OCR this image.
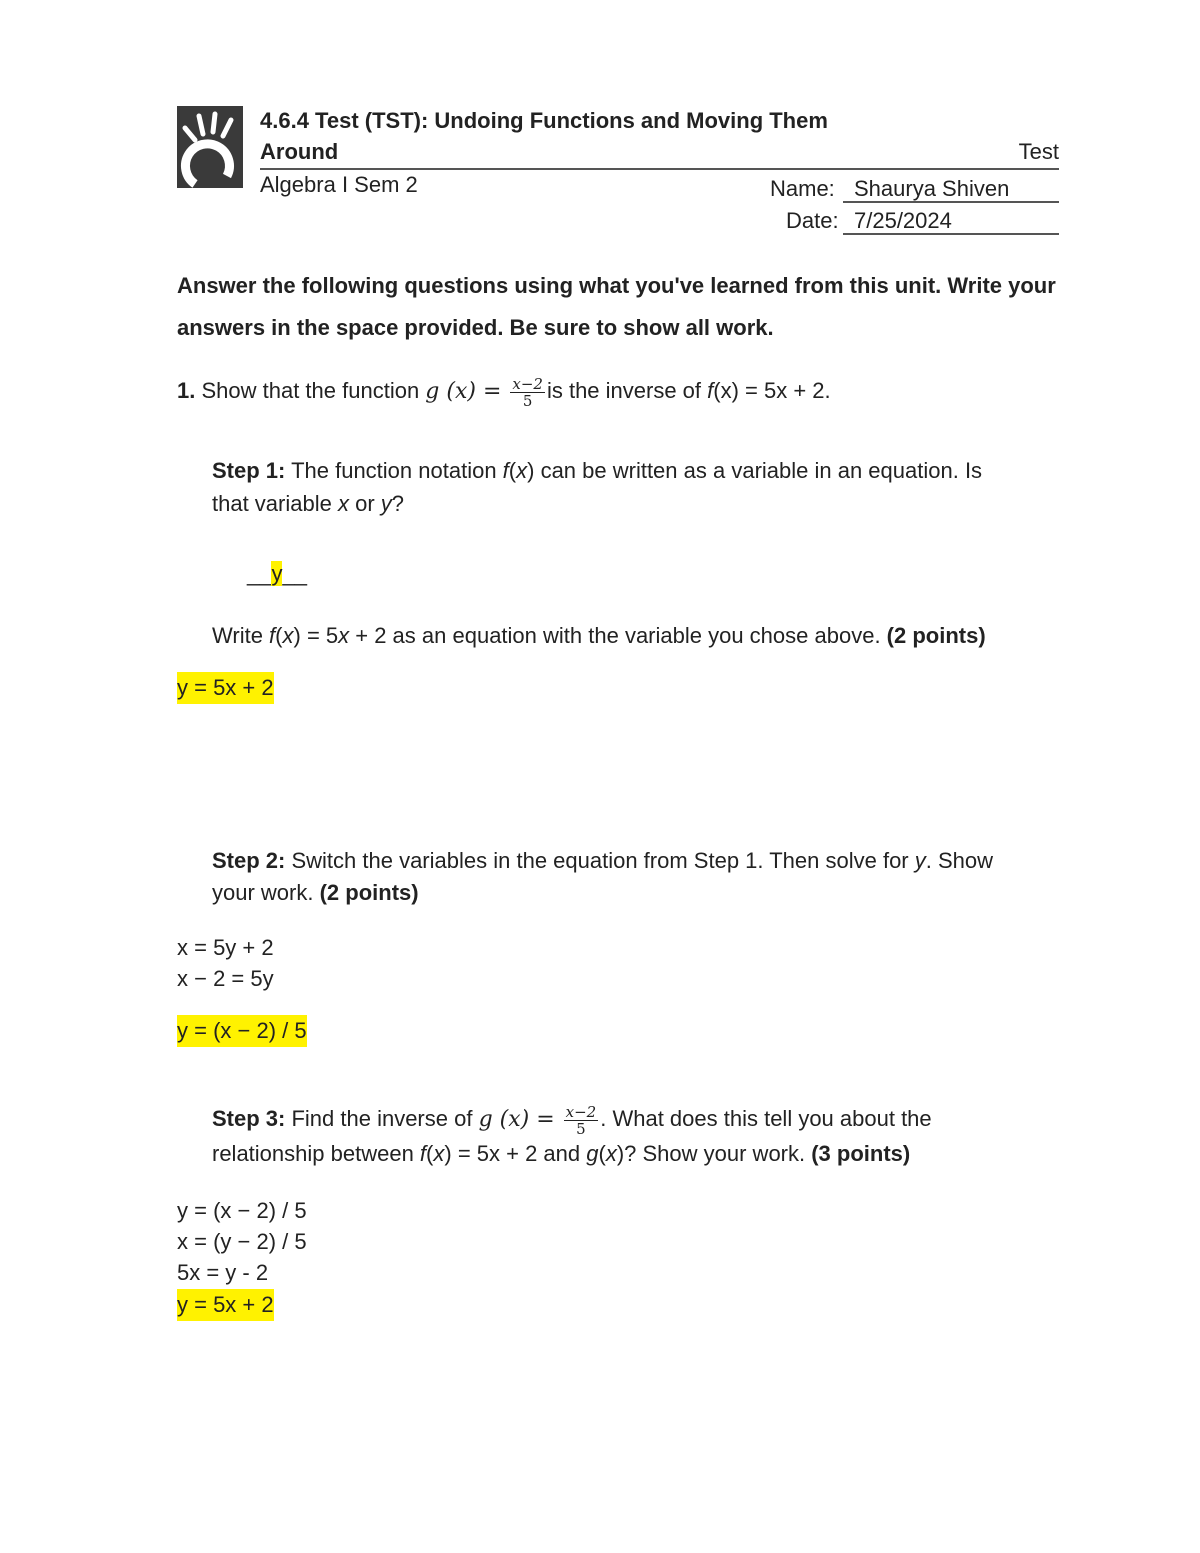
4.6.4 Test (TST): Undoing Functions and Moving Them
Around	Test
Algebra I Sem 2	Name: Shaurya Shiven
Date: 7/25/2024
Answer the following questions using what you've learned from this unit. Write your
answers in the space provided. Be sure to show all work.
1. Show that the function g $(x) = \frac{x-2}{5}$ is the inverse of f(x) = 5x + 2.
Step 1: The function notation f(x) can be written as a variable in an equation. Is
that variable x or y?
__y__
Write f(x) = 5x + 2 as an equation with the variable you chose above. (2 points)
y = 5x + 2
Step 2: Switch the variables in the equation from Step 1. Then solve for y. Show
your work. (2 points)
x = 5y + 2
x − 2 = 5y
y = (x − 2) / 5
Step 3: Find the inverse of g $(x) = \frac{x-2}{5}$ . What does this tell you about the
relationship between f(x) = 5x + 2 and g(x)? Show your work. (3 points)
y = (x − 2) / 5
x = (y − 2) / 5
5x = y - 2
y = 5x + 2
